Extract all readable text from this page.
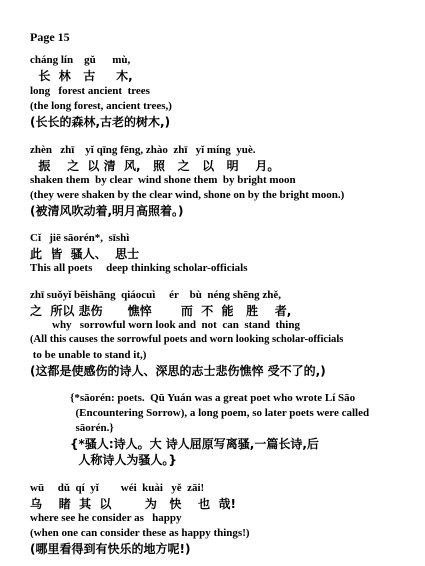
Page 15
cháng lín    gǔ      mù,
长  林   古     木,
long   forest ancient  trees
(the long forest, ancient trees,)
(长长的森林,古老的树木,)
zhèn   zhī    yǐ qīng fēng, zhào  zhī   yǐ míng  yuè.
振    之  以 清  风,   照   之   以   明    月。
shaken them  by clear  wind shone them  by bright moon
(they were shaken by the clear wind, shone on by the bright moon.)
(被清风吹动着,明月高照着。)
Cǐ   jiē sāorén*,  sīshì
此  皆  骚人、  思士
This all poets     deep thinking scholar-officials
zhī suǒyǐ bēishāng  qiáocuì     ér    bù  néng shēng zhě,
之  所以 悲伤      憔悴       而  不  能   胜    者,
why   sorrowful worn look and  not  can  stand  thing
(All this causes the sorrowful poets and worn looking scholar-officials
to be unable to stand it,)
(这都是使感伤的诗人、深思的志士悲伤憔悴 受不了的,)
{*sāorén: poets.  Qū Yuán was a great poet who wrote Lí Sāo
(Encountering Sorrow), a long poem, so later poets were called
sāorén.}
{*骚人:诗人。大 诗人屈原写离骚,一篇长诗,后
人称诗人为骚人。}
wū     dǔ  qí  yǐ        wéi  kuài   yě  zāi!
乌    睹  其  以        为   快    也  哉!
where see he consider as   happy
(when one can consider these as happy things!)
(哪里看得到有快乐的地方呢!)
